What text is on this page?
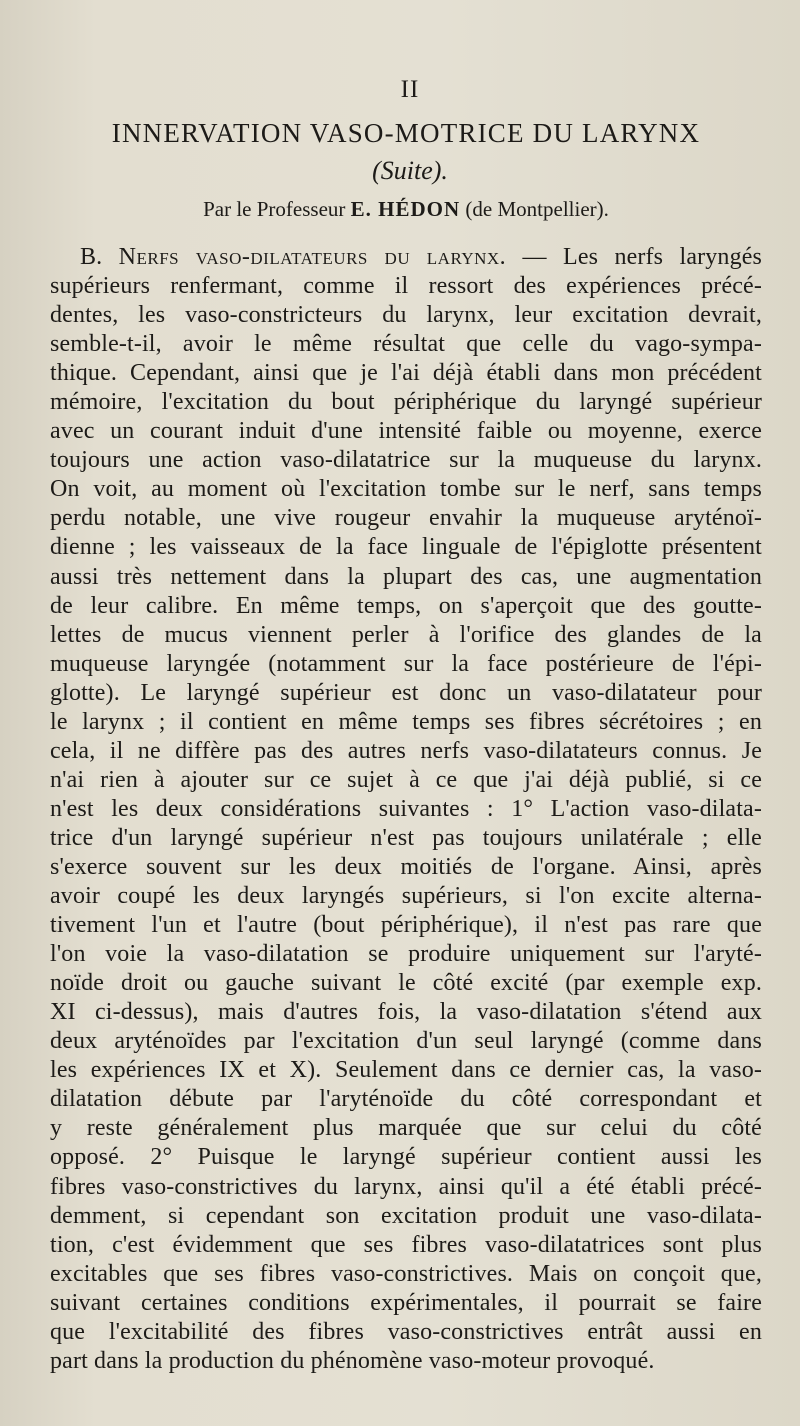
II
INNERVATION VASO-MOTRICE DU LARYNX
(Suite).
Par le Professeur E. HÉDON (de Montpellier).
B. Nerfs vaso-dilatateurs du larynx. — Les nerfs laryngés
supérieurs renfermant, comme il ressort des expériences précé-
dentes, les vaso-constricteurs du larynx, leur excitation devrait,
semble-t-il, avoir le même résultat que celle du vago-sympa-
thique. Cependant, ainsi que je l'ai déjà établi dans mon précédent
mémoire, l'excitation du bout périphérique du laryngé supérieur
avec un courant induit d'une intensité faible ou moyenne, exerce
toujours une action vaso-dilatatrice sur la muqueuse du larynx.
On voit, au moment où l'excitation tombe sur le nerf, sans temps
perdu notable, une vive rougeur envahir la muqueuse aryténoï-
dienne ; les vaisseaux de la face linguale de l'épiglotte présentent
aussi très nettement dans la plupart des cas, une augmentation
de leur calibre. En même temps, on s'aperçoit que des goutte-
lettes de mucus viennent perler à l'orifice des glandes de la
muqueuse laryngée (notamment sur la face postérieure de l'épi-
glotte). Le laryngé supérieur est donc un vaso-dilatateur pour
le larynx ; il contient en même temps ses fibres sécrétoires ; en
cela, il ne diffère pas des autres nerfs vaso-dilatateurs connus. Je
n'ai rien à ajouter sur ce sujet à ce que j'ai déjà publié, si ce
n'est les deux considérations suivantes : 1° L'action vaso-dilata-
trice d'un laryngé supérieur n'est pas toujours unilatérale ; elle
s'exerce souvent sur les deux moitiés de l'organe. Ainsi, après
avoir coupé les deux laryngés supérieurs, si l'on excite alterna-
tivement l'un et l'autre (bout périphérique), il n'est pas rare que
l'on voie la vaso-dilatation se produire uniquement sur l'aryté-
noïde droit ou gauche suivant le côté excité (par exemple exp.
XI ci-dessus), mais d'autres fois, la vaso-dilatation s'étend aux
deux aryténoïdes par l'excitation d'un seul laryngé (comme dans
les expériences IX et X). Seulement dans ce dernier cas, la vaso-
dilatation débute par l'aryténoïde du côté correspondant et
y reste généralement plus marquée que sur celui du côté
opposé. 2° Puisque le laryngé supérieur contient aussi les
fibres vaso-constrictives du larynx, ainsi qu'il a été établi précé-
demment, si cependant son excitation produit une vaso-dilata-
tion, c'est évidemment que ses fibres vaso-dilatatrices sont plus
excitables que ses fibres vaso-constrictives. Mais on conçoit que,
suivant certaines conditions expérimentales, il pourrait se faire
que l'excitabilité des fibres vaso-constrictives entrât aussi en
part dans la production du phénomène vaso-moteur provoqué.
